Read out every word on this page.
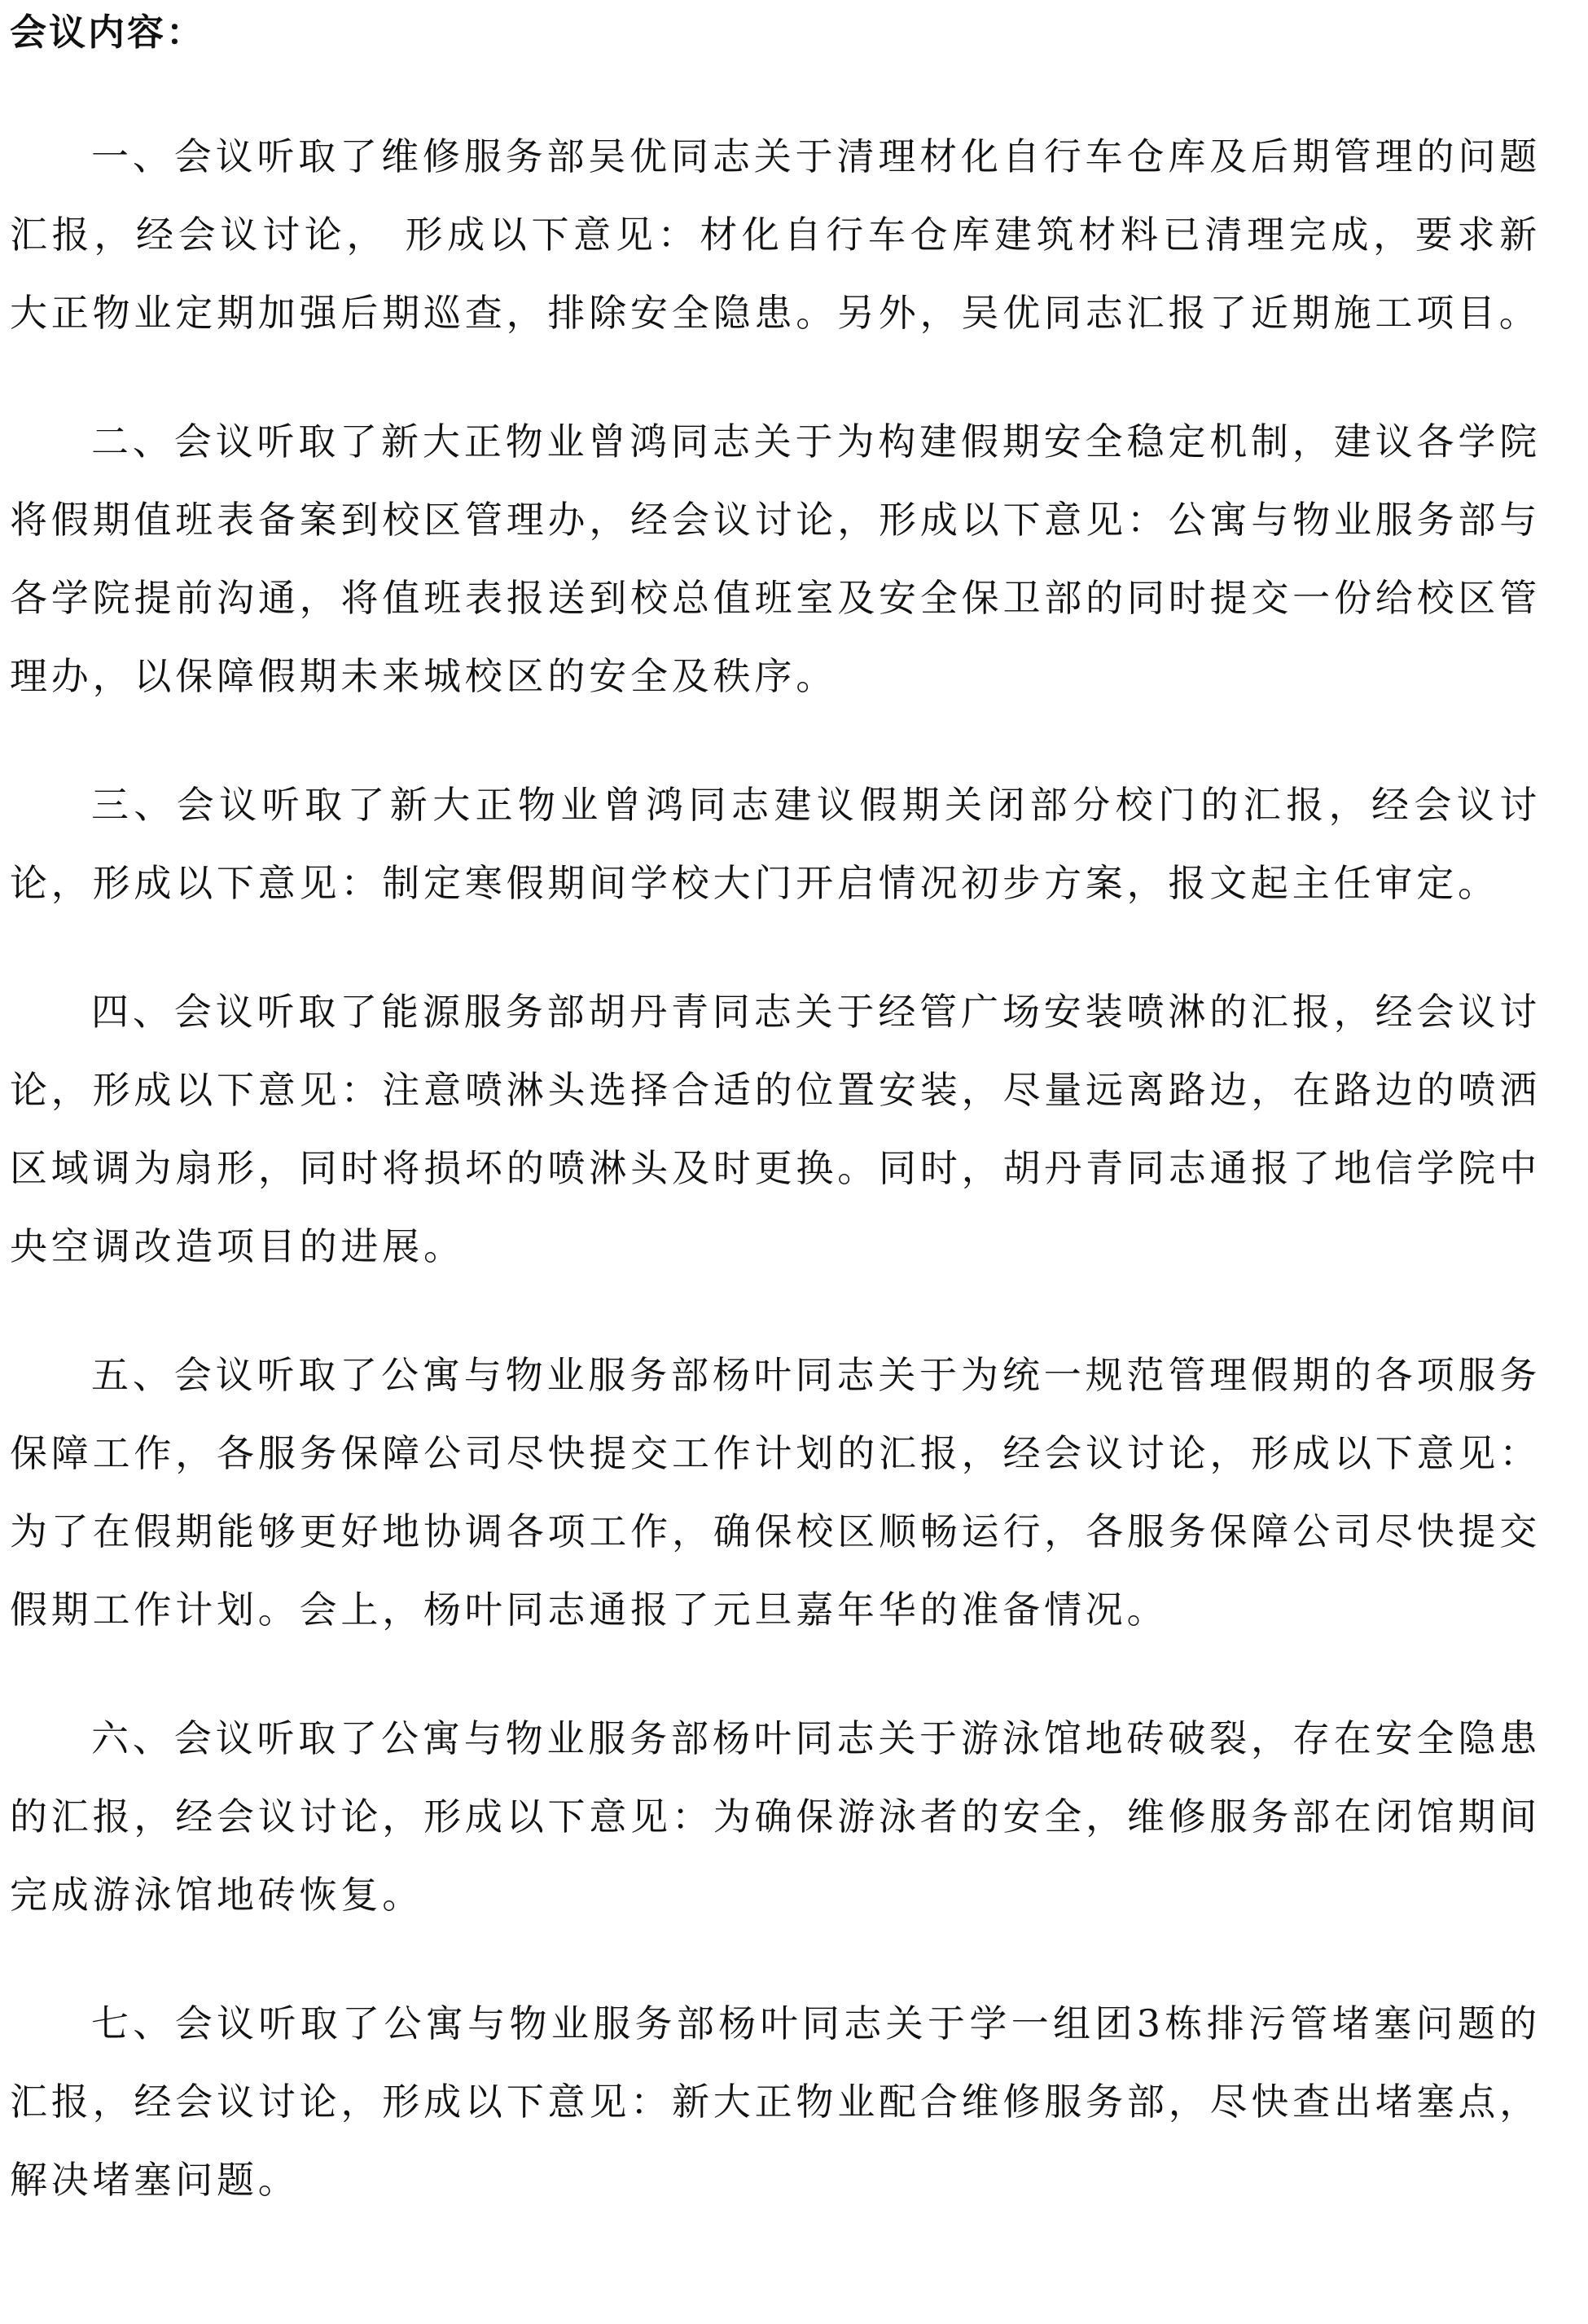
会议内容：

一、会议听取了维修服务部吴优同志关于清理材化自行车仓库及后期管理的问题汇报，经会议讨论， 形成以下意见：材化自行车仓库建筑材料已清理完成，要求新大正物业定期加强后期巡查，排除安全隐患。另外，吴优同志汇报了近期施工项目。

二、会议听取了新大正物业曾鸿同志关于为构建假期安全稳定机制，建议各学院将假期值班表备案到校区管理办，经会议讨论，形成以下意见：公寓与物业服务部与各学院提前沟通，将值班表报送到校总值班室及安全保卫部的同时提交一份给校区管理办，以保障假期未来城校区的安全及秩序。

三、会议听取了新大正物业曾鸿同志建议假期关闭部分校门的汇报，经会议讨论，形成以下意见：制定寒假期间学校大门开启情况初步方案，报文起主任审定。

四、会议听取了能源服务部胡丹青同志关于经管广场安装喷淋的汇报，经会议讨论，形成以下意见：注意喷淋头选择合适的位置安装，尽量远离路边，在路边的喷洒区域调为扇形，同时将损坏的喷淋头及时更换。同时，胡丹青同志通报了地信学院中央空调改造项目的进展。

五、会议听取了公寓与物业服务部杨叶同志关于为统一规范管理假期的各项服务保障工作，各服务保障公司尽快提交工作计划的汇报，经会议讨论，形成以下意见：为了在假期能够更好地协调各项工作，确保校区顺畅运行，各服务保障公司尽快提交假期工作计划。会上，杨叶同志通报了元旦嘉年华的准备情况。

六、会议听取了公寓与物业服务部杨叶同志关于游泳馆地砖破裂，存在安全隐患的汇报，经会议讨论，形成以下意见：为确保游泳者的安全，维修服务部在闭馆期间完成游泳馆地砖恢复。

七、会议听取了公寓与物业服务部杨叶同志关于学一组团3栋排污管堵塞问题的汇报，经会议讨论，形成以下意见：新大正物业配合维修服务部，尽快查出堵塞点，解决堵塞问题。
